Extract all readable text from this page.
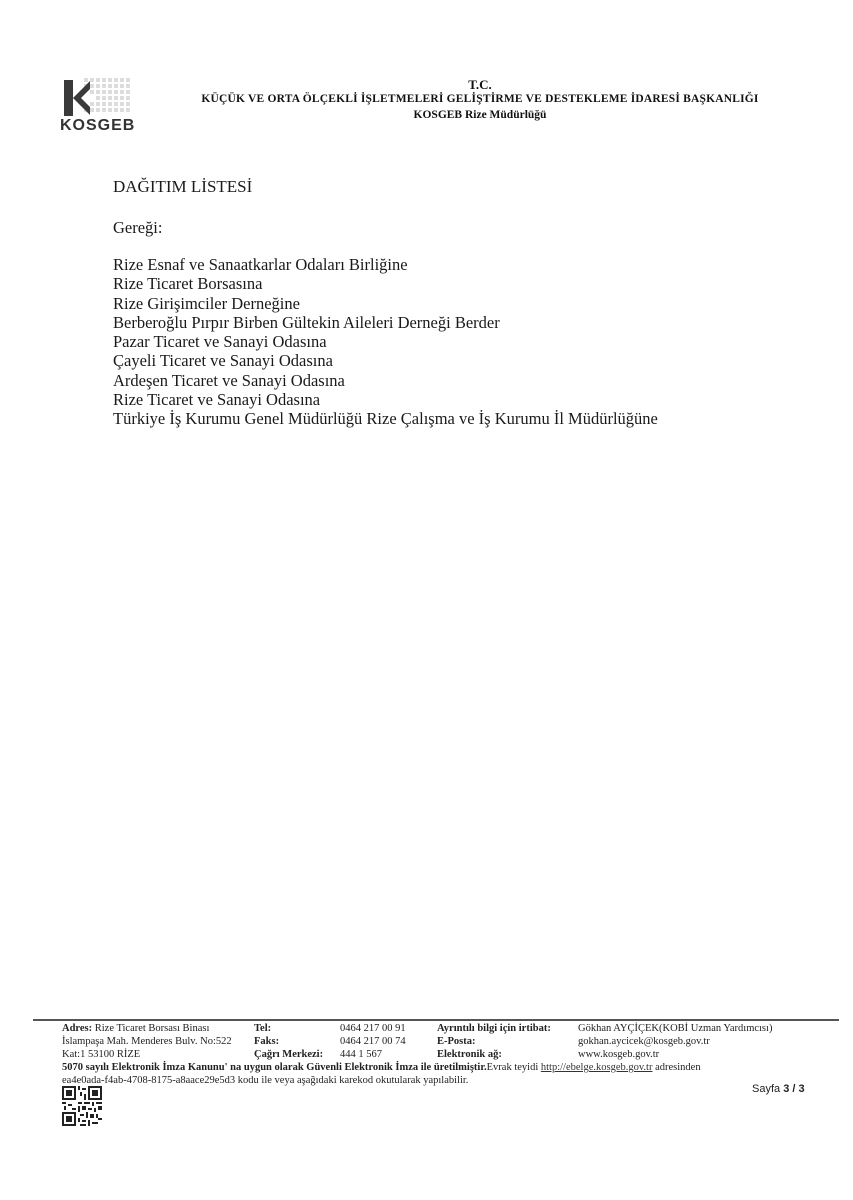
KOSGEB
T.C.
KÜÇÜK VE ORTA ÖLÇEKLİ İŞLETMELERİ GELİŞTİRME VE DESTEKLEME İDARESİ BAŞKANLIĞI
KOSGEB Rize Müdürlüğü
DAĞITIM LİSTESİ
Gereği:
Rize Esnaf ve Sanaatkarlar Odaları Birliğine
Rize Ticaret Borsasına
Rize Girişimciler Derneğine
Berberoğlu Pırpır Birben Gültekin Aileleri Derneği Berder
Pazar Ticaret ve Sanayi Odasına
Çayeli Ticaret ve Sanayi Odasına
Ardeşen Ticaret ve Sanayi Odasına
Rize Ticaret ve Sanayi Odasına
Türkiye İş Kurumu Genel Müdürlüğü Rize Çalışma ve İş Kurumu İl Müdürlüğüne
Adres: Rize Ticaret Borsası Binası
İslampaşa Mah. Menderes Bulv. No:522
Kat:1 53100 RİZE
Tel:
Faks:
Çağrı Merkezi:
0464 217 00 91
0464 217 00 74
444 1 567
Ayrıntılı bilgi için irtibat:
E-Posta:
Elektronik ağ:
Gökhan AYÇİÇEK(KOBİ Uzman Yardımcısı)
gokhan.aycicek@kosgeb.gov.tr
www.kosgeb.gov.tr
5070 sayılı Elektronik İmza Kanunu' na uygun olarak Güvenli Elektronik İmza ile üretilmiştir.Evrak teyidi http://ebelge.kosgeb.gov.tr adresinden
ea4e0ada-f4ab-4708-8175-a8aace29e5d3 kodu ile veya aşağıdaki karekod okutularak yapılabilir.
Sayfa 3 / 3
